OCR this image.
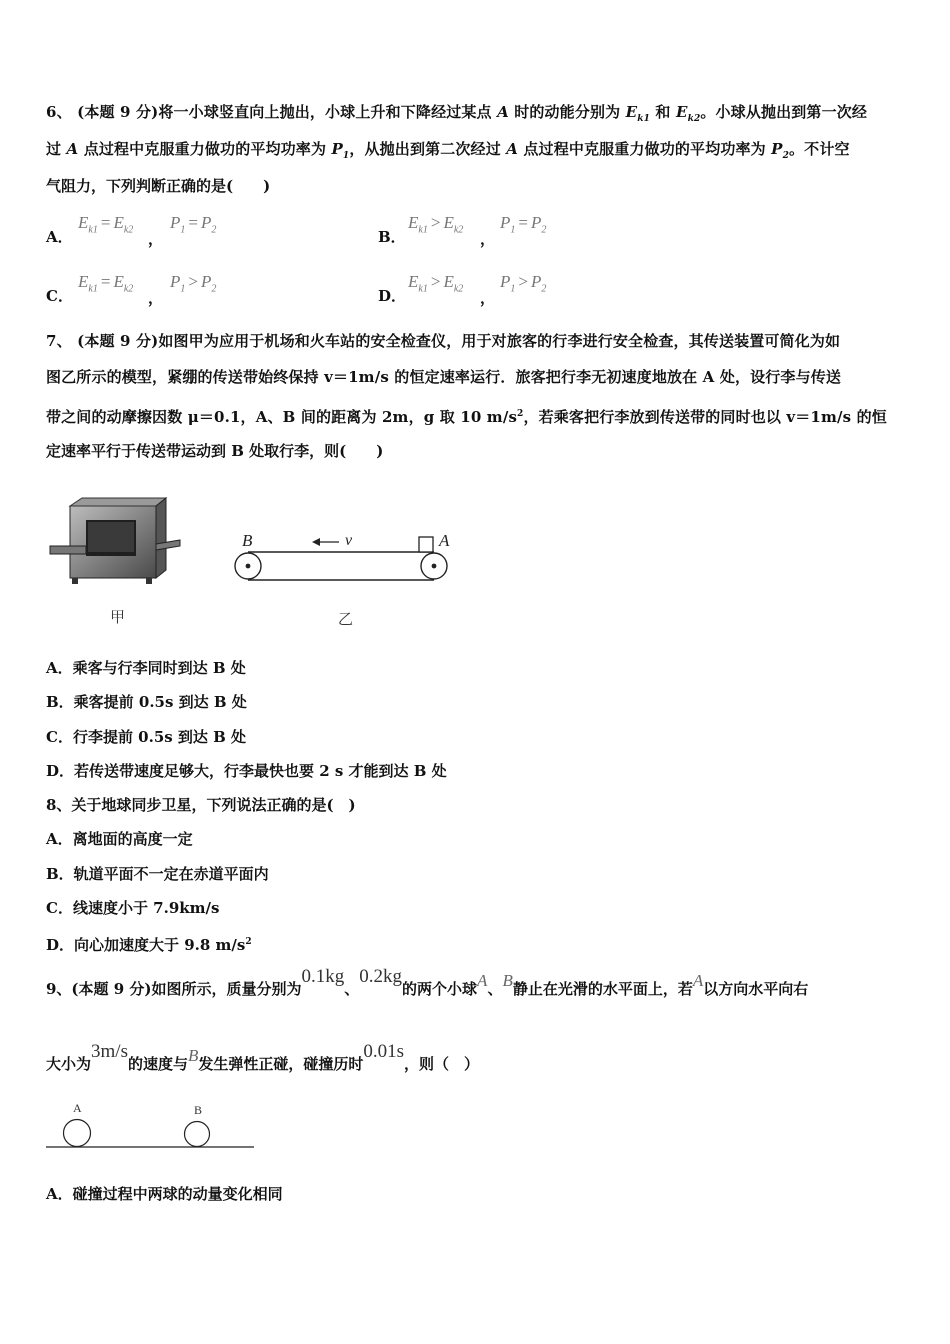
6、 (本题 9 分)将一小球竖直向上抛出，小球上升和下降经过某点 A 时的动能分别为 $E_{k1}$ 和 $E_{k2}$。小球从抛出到第一次经
过 A 点过程中克服重力做功的平均功率为 $P_1$，从抛出到第二次经过 A 点过程中克服重力做功的平均功率为 $P_2$。不计空
气阻力，下列判断正确的是(　　)
A．
$E_{k1} = E_{k2}$
，
$P_1 = P_2$	B．
$E_{k1} > E_{k2}$
，
$P_1 = P_2$
C．
$E_{k1} = E_{k2}$
，
$P_1 > P_2$	D．
$E_{k1} > E_{k2}$
，
$P_1 > P_2$
7、 (本题 9 分)如图甲为应用于机场和火车站的安全检查仪，用于对旅客的行李进行安全检查，其传送装置可简化为如
图乙所示的模型，紧绷的传送带始终保持 v＝1m/s 的恒定速率运行．旅客把行李无初速度地放在 A 处，设行李与传送
带之间的动摩擦因数 μ＝0.1，A、B 间的距离为 2m，g 取 10 $m/s^2$，若乘客把行李放到传送带的同时也以 v＝1m/s 的恒
定速率平行于传送带运动到 B 处取行李，则(　　)
甲
B	A
v
乙
A．乘客与行李同时到达 B 处
B．乘客提前 0.5s 到达 B 处
C．行李提前 0.5s 到达 B 处
D．若传送带速度足够大，行李最快也要 2 s 才能到达 B 处
8、关于地球同步卫星，下列说法正确的是(　)
A．离地面的高度一定
B．轨道平面不一定在赤道平面内
C．线速度小于 7.9km/s
D．向心加速度大于 9.8 $m/s^2$
9、(本题 9 分)如图所示，质量分别为0.1kg、0.2kg的两个小球A、B静止在光滑的水平面上，若A以方向水平向右
大小为3m/s的速度与B发生弹性正碰，碰撞历时0.01s，则（　）
A	B
A．碰撞过程中两球的动量变化相同
